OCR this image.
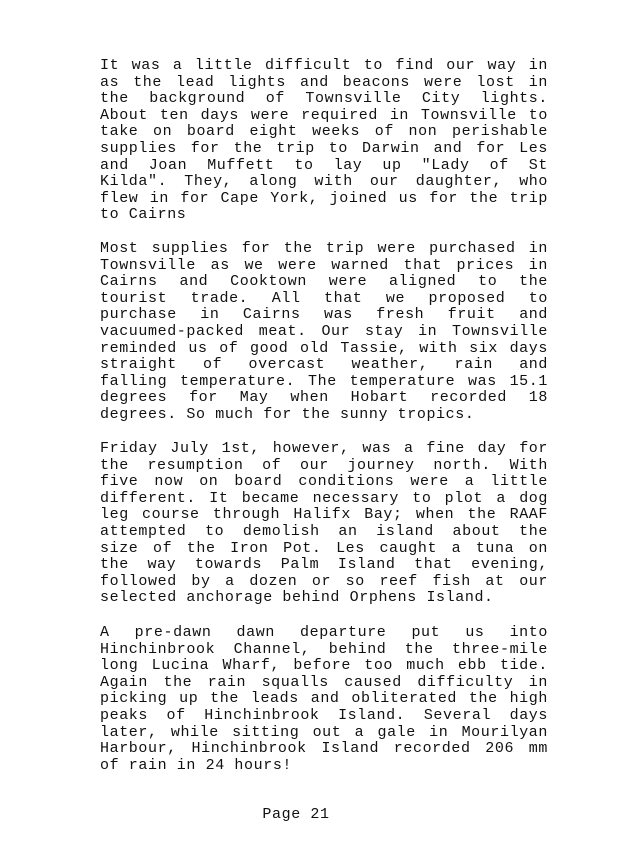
It was a little difficult to find our way in
as the lead lights and beacons were lost in
the background of Townsville City lights.
About ten days were required in Townsville to
take on board eight weeks of non perishable
supplies for the trip to Darwin and for Les
and Joan Muffett to lay up "Lady of St
Kilda". They, along with our daughter, who
flew in for Cape York, joined us for the trip
to Cairns
Most supplies for the trip were purchased in
Townsville as we were warned that prices in
Cairns and Cooktown were aligned to the
tourist trade. All that we proposed to
purchase in Cairns was fresh fruit and
vacuumed-packed meat. Our stay in Townsville
reminded us of good old Tassie, with six days
straight of overcast weather, rain and
falling temperature. The temperature was 15.1
degrees for May when Hobart recorded 18
degrees. So much for the sunny tropics.
Friday July 1st, however, was a fine day for
the resumption of our journey north. With
five now on board conditions were a little
different. It became necessary to plot a dog
leg course through Halifx Bay; when the RAAF
attempted to demolish an island about the
size of the Iron Pot. Les caught a tuna on
the way towards Palm Island that evening,
followed by a dozen or so reef fish at our
selected anchorage behind Orphens Island.
A pre-dawn dawn departure put us into
Hinchinbrook Channel, behind the three-mile
long Lucina Wharf, before too much ebb tide.
Again the rain squalls caused difficulty in
picking up the leads and obliterated the high
peaks of Hinchinbrook Island. Several days
later, while sitting out a gale in Mourilyan
Harbour, Hinchinbrook Island recorded 206 mm
of rain in 24 hours!
Page 21
